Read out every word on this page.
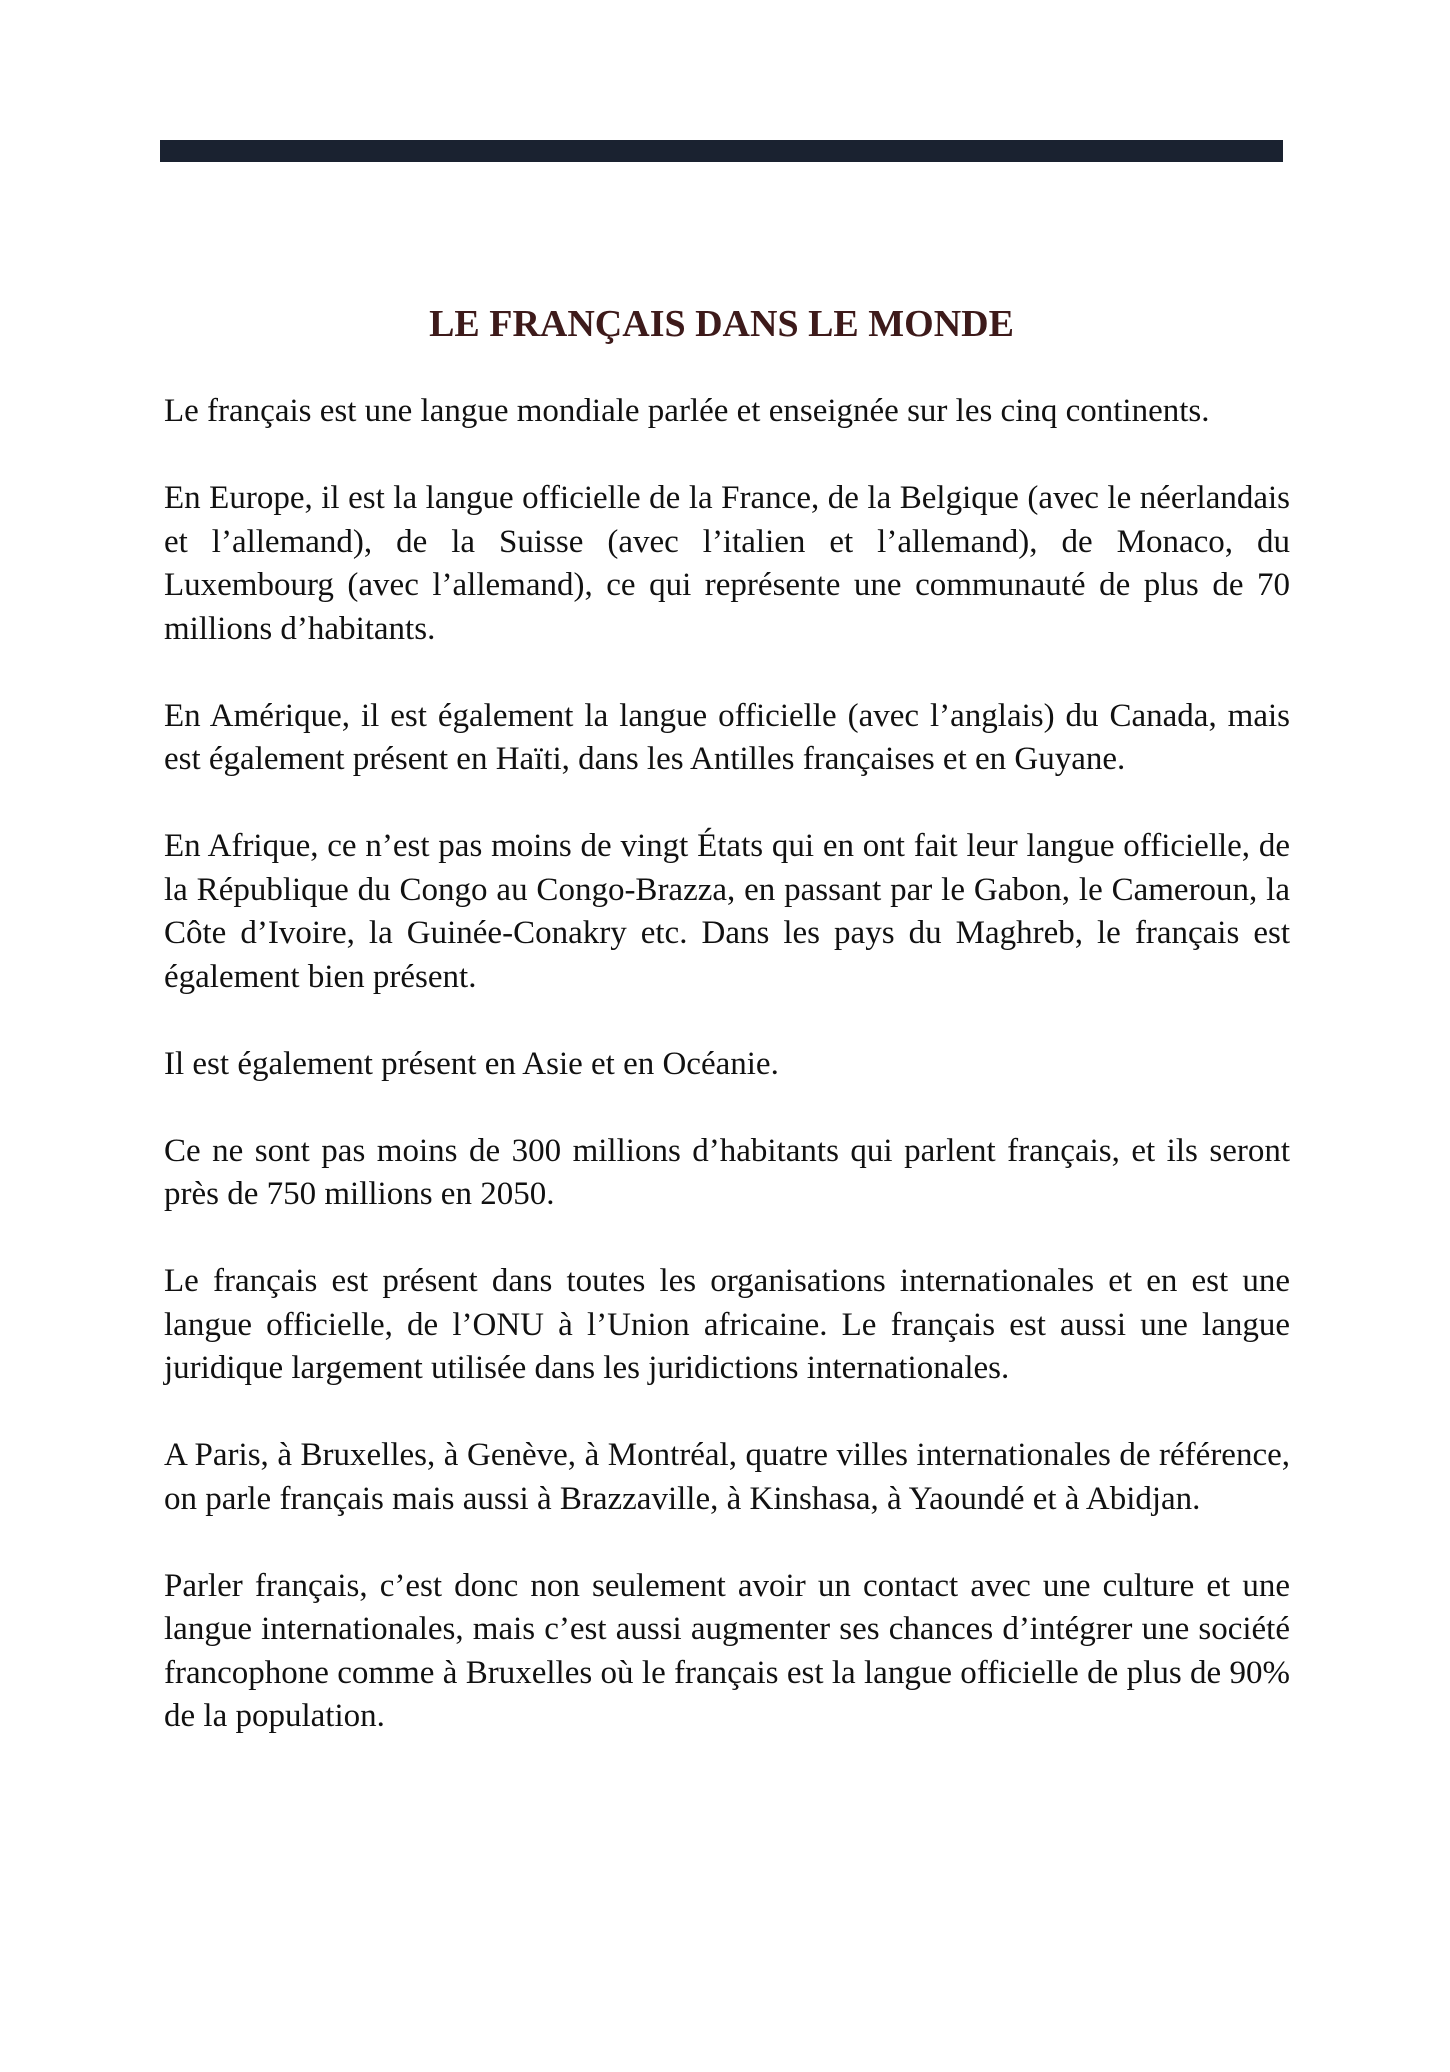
LE FRANÇAIS DANS LE MONDE

Le français est une langue mondiale parlée et enseignée sur les cinq continents.

En Europe, il est la langue officielle de la France, de la Belgique (avec le néerlandais et l’allemand), de la Suisse (avec l’italien et l’allemand), de Monaco, du Luxembourg (avec l’allemand), ce qui représente une communauté de plus de 70 millions d’habitants.

En Amérique, il est également la langue officielle (avec l’anglais) du Canada, mais est également présent en Haïti, dans les Antilles françaises et en Guyane.

En Afrique, ce n’est pas moins de vingt États qui en ont fait leur langue officielle, de la République du Congo au Congo-Brazza, en passant par le Gabon, le Cameroun, la Côte d’Ivoire, la Guinée-Conakry etc. Dans les pays du Maghreb, le français est également bien présent.

Il est également présent en Asie et en Océanie.

Ce ne sont pas moins de 300 millions d’habitants qui parlent français, et ils seront près de 750 millions en 2050.

Le français est présent dans toutes les organisations internationales et en est une langue officielle, de l’ONU à l’Union africaine. Le français est aussi une langue juridique largement utilisée dans les juridictions internationales.

A Paris, à Bruxelles, à Genève, à Montréal, quatre villes internationales de référence, on parle français mais aussi à Brazzaville, à Kinshasa, à Yaoundé et à Abidjan.

Parler français, c’est donc non seulement avoir un contact avec une culture et une langue internationales, mais c’est aussi augmenter ses chances d’intégrer une société francophone comme à Bruxelles où le français est la langue officielle de plus de 90% de la population.
